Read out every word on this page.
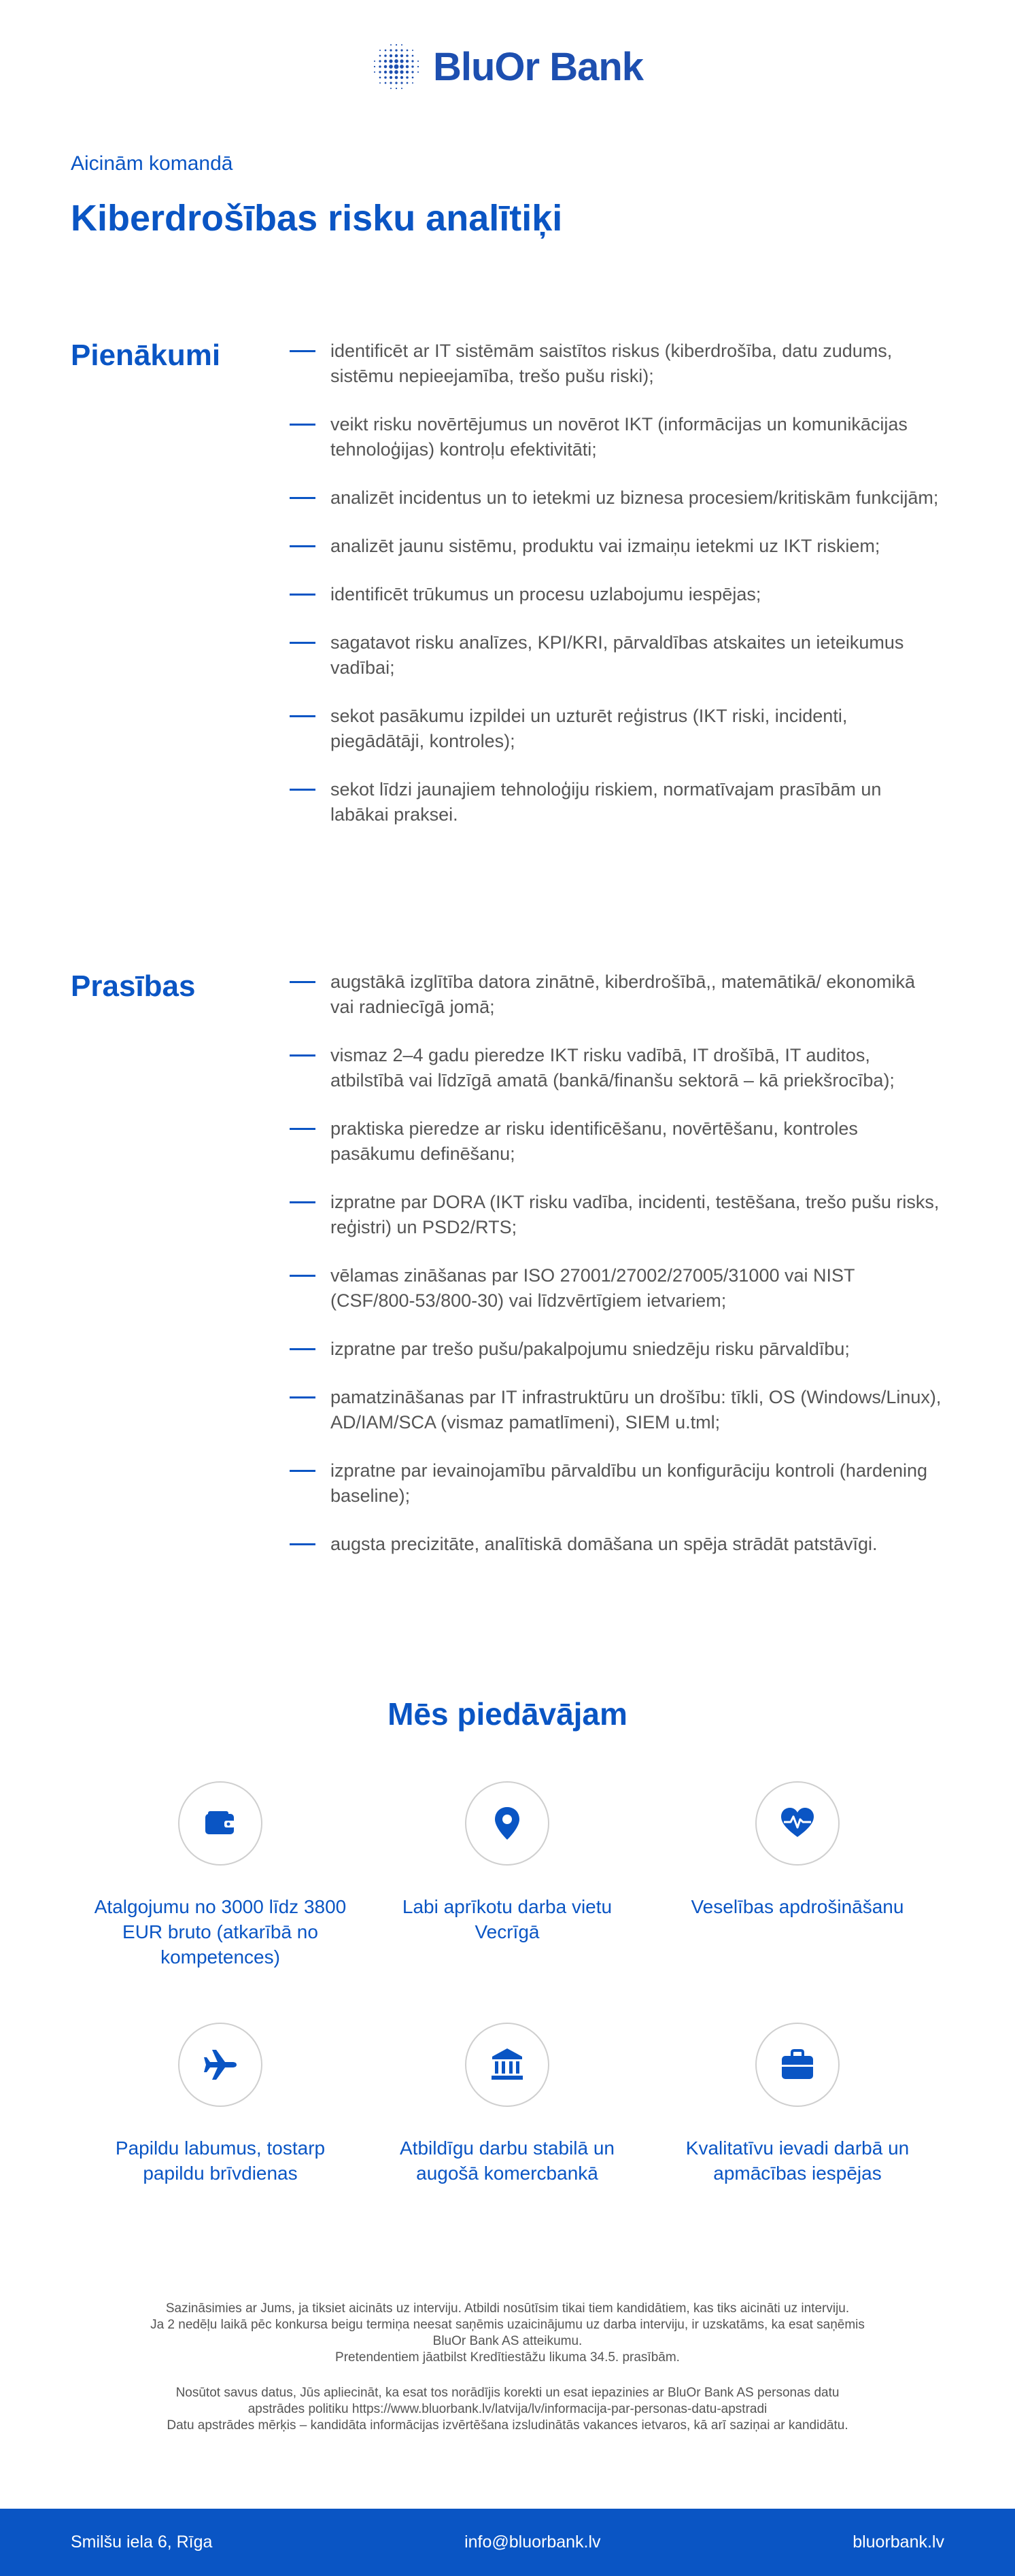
BluOr Bank
Aicinām komandā
Kiberdrošības risku analītiķi
Pienākumi	identificēt ar IT sistēmām saistītos riskus (kiberdrošība, datu zudums, sistēmu nepieejamība, trešo pušu riski);
veikt risku novērtējumus un novērot IKT (informācijas un komunikācijas tehnoloģijas) kontroļu efektivitāti;
analizēt incidentus un to ietekmi uz biznesa procesiem/kritiskām funkcijām;
analizēt jaunu sistēmu, produktu vai izmaiņu ietekmi uz IKT riskiem;
identificēt trūkumus un procesu uzlabojumu iespējas;
sagatavot risku analīzes, KPI/KRI, pārvaldības atskaites un ieteikumus vadībai;
sekot pasākumu izpildei un uzturēt reģistrus (IKT riski, incidenti, piegādātāji, kontroles);
sekot līdzi jaunajiem tehnoloģiju riskiem, normatīvajam prasībām un labākai praksei.
Prasības	augstākā izglītība datora zinātnē, kiberdrošībā,, matemātikā/ ekonomikā vai radniecīgā jomā;
vismaz 2–4 gadu pieredze IKT risku vadībā, IT drošībā, IT auditos, atbilstībā vai līdzīgā amatā (bankā/finanšu sektorā – kā priekšrocība);
praktiska pieredze ar risku identificēšanu, novērtēšanu, kontroles pasākumu definēšanu;
izpratne par DORA (IKT risku vadība, incidenti, testēšana, trešo pušu risks, reģistri) un PSD2/RTS;
vēlamas zināšanas par ISO 27001/27002/27005/31000 vai NIST (CSF/800-53/800-30) vai līdzvērtīgiem ietvariem;
izpratne par trešo pušu/pakalpojumu sniedzēju risku pārvaldību;
pamatzināšanas par IT infrastruktūru un drošību: tīkli, OS (Windows/Linux), AD/IAM/SCA (vismaz pamatlīmeni), SIEM u.tml;
izpratne par ievainojamību pārvaldību un konfigurāciju kontroli (hardening baseline);
augsta precizitāte, analītiskā domāšana un spēja strādāt patstāvīgi.
Mēs piedāvājam
Atalgojumu no 3000 līdz 3800 EUR bruto (atkarībā no kompetences)
Labi aprīkotu darba vietu Vecrīgā
Veselības apdrošināšanu
Papildu labumus, tostarp papildu brīvdienas
Atbildīgu darbu stabilā un augošā komercbankā
Kvalitatīvu ievadi darbā un apmācības iespējas

Sazināsimies ar Jums, ja tiksiet aicināts uz interviju. Atbildi nosūtīsim tikai tiem kandidātiem, kas tiks aicināti uz interviju.

Ja 2 nedēļu laikā pēc konkursa beigu termiņa neesat saņēmis uzaicinājumu uz darba interviju, ir uzskatāms, ka esat saņēmis

BluOr Bank AS atteikumu.

Pretendentiem jāatbilst Kredītiestāžu likuma 34.5. prasībām.

Nosūtot savus datus, Jūs apliecināt, ka esat tos norādījis korekti un esat iepazinies ar BluOr Bank AS personas datu

apstrādes politiku https://www.bluorbank.lv/latvija/lv/informacija-par-personas-datu-apstradi

Datu apstrādes mērķis – kandidāta informācijas izvērtēšana izsludinātās vakances ietvaros, kā arī saziņai ar kandidātu.

Smilšu iela 6, Rīga	info@bluorbank.lv	bluorbank.lv
